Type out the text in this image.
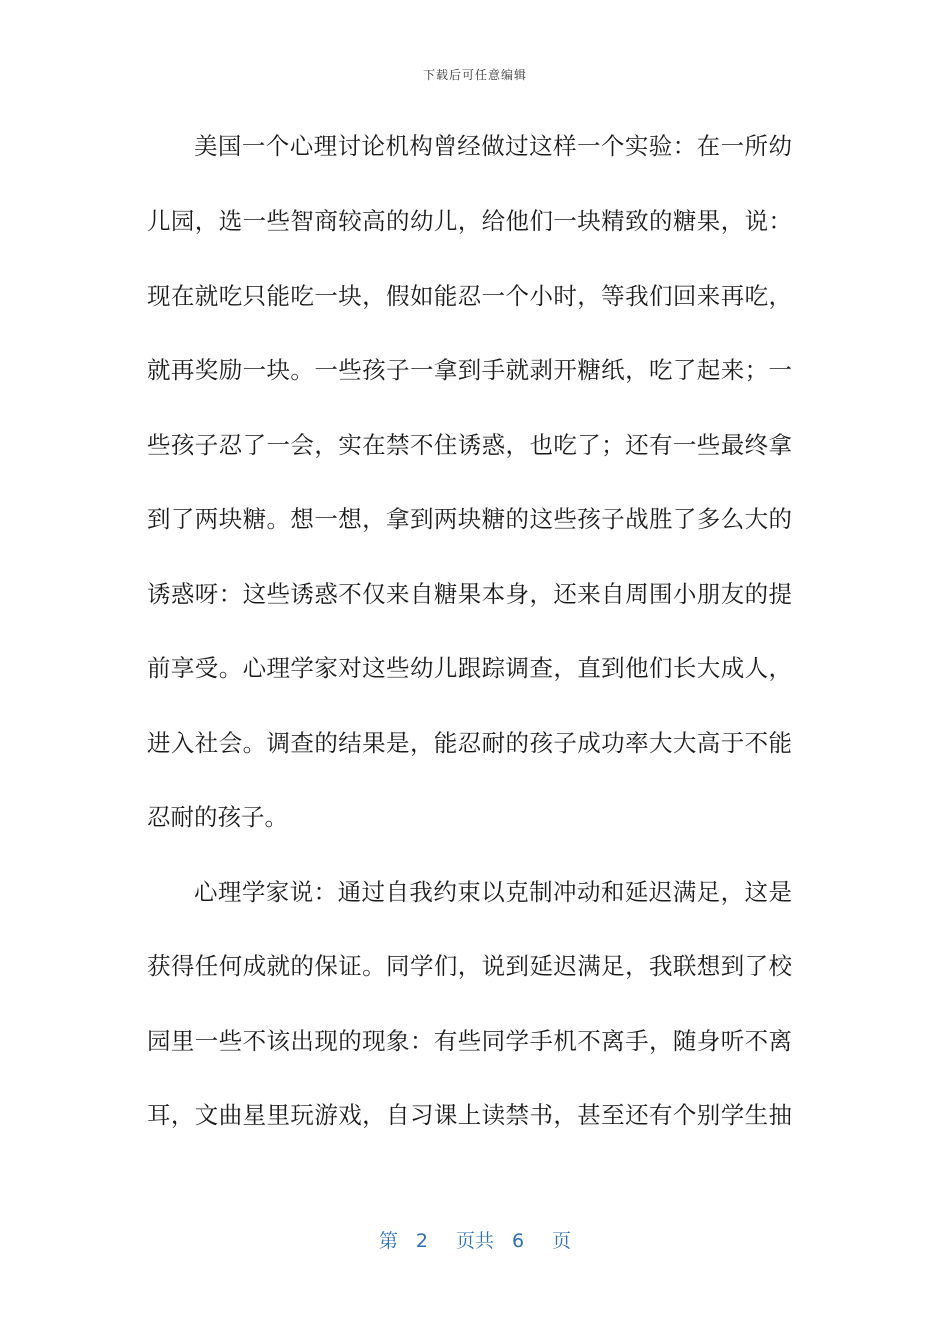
下载后可任意编辑
美国一个心理讨论机构曾经做过这样一个实验：在一所幼
儿园，选一些智商较高的幼儿，给他们一块精致的糖果，说：
现在就吃只能吃一块，假如能忍一个小时，等我们回来再吃，
就再奖励一块。一些孩子一拿到手就剥开糖纸，吃了起来；一
些孩子忍了一会，实在禁不住诱惑，也吃了；还有一些最终拿
到了两块糖。想一想，拿到两块糖的这些孩子战胜了多么大的
诱惑呀：这些诱惑不仅来自糖果本身，还来自周围小朋友的提
前享受。心理学家对这些幼儿跟踪调查，直到他们长大成人，
进入社会。调查的结果是，能忍耐的孩子成功率大大高于不能
忍耐的孩子。
心理学家说：通过自我约束以克制冲动和延迟满足，这是
获得任何成就的保证。同学们，说到延迟满足，我联想到了校
园里一些不该出现的现象：有些同学手机不离手，随身听不离
耳，文曲星里玩游戏，自习课上读禁书，甚至还有个别学生抽
第 2 页共 6 页
